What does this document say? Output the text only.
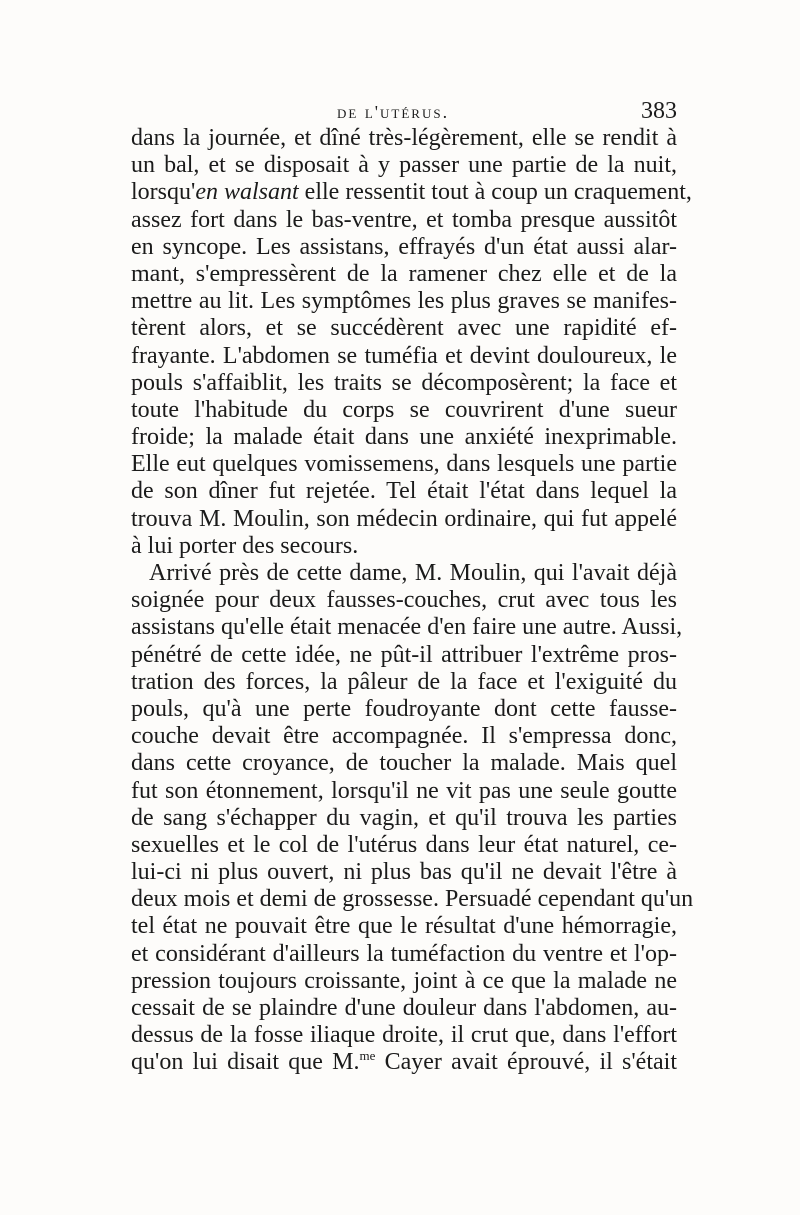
de l'utérus.	383
dans la journée, et dîné très-légèrement, elle se rendit à
un bal, et se disposait à y passer une partie de la nuit,
lorsqu'en walsant elle ressentit tout à coup un craquement,
assez fort dans le bas-ventre, et tomba presque aussitôt
en syncope. Les assistans, effrayés d'un état aussi alar-
mant, s'empressèrent de la ramener chez elle et de la
mettre au lit. Les symptômes les plus graves se manifes-
tèrent alors, et se succédèrent avec une rapidité ef-
frayante. L'abdomen se tuméfia et devint douloureux, le
pouls s'affaiblit, les traits se décomposèrent; la face et
toute l'habitude du corps se couvrirent d'une sueur
froide; la malade était dans une anxiété inexprimable.
Elle eut quelques vomissemens, dans lesquels une partie
de son dîner fut rejetée. Tel était l'état dans lequel la
trouva M. Moulin, son médecin ordinaire, qui fut appelé
à lui porter des secours.
Arrivé près de cette dame, M. Moulin, qui l'avait déjà
soignée pour deux fausses-couches, crut avec tous les
assistans qu'elle était menacée d'en faire une autre. Aussi,
pénétré de cette idée, ne pût-il attribuer l'extrême pros-
tration des forces, la pâleur de la face et l'exiguité du
pouls, qu'à une perte foudroyante dont cette fausse-
couche devait être accompagnée. Il s'empressa donc,
dans cette croyance, de toucher la malade. Mais quel
fut son étonnement, lorsqu'il ne vit pas une seule goutte
de sang s'échapper du vagin, et qu'il trouva les parties
sexuelles et le col de l'utérus dans leur état naturel, ce-
lui-ci ni plus ouvert, ni plus bas qu'il ne devait l'être à
deux mois et demi de grossesse. Persuadé cependant qu'un
tel état ne pouvait être que le résultat d'une hémorragie,
et considérant d'ailleurs la tuméfaction du ventre et l'op-
pression toujours croissante, joint à ce que la malade ne
cessait de se plaindre d'une douleur dans l'abdomen, au-
dessus de la fosse iliaque droite, il crut que, dans l'effort
qu'on lui disait que M.$^{me}$ Cayer avait éprouvé, il s'était
